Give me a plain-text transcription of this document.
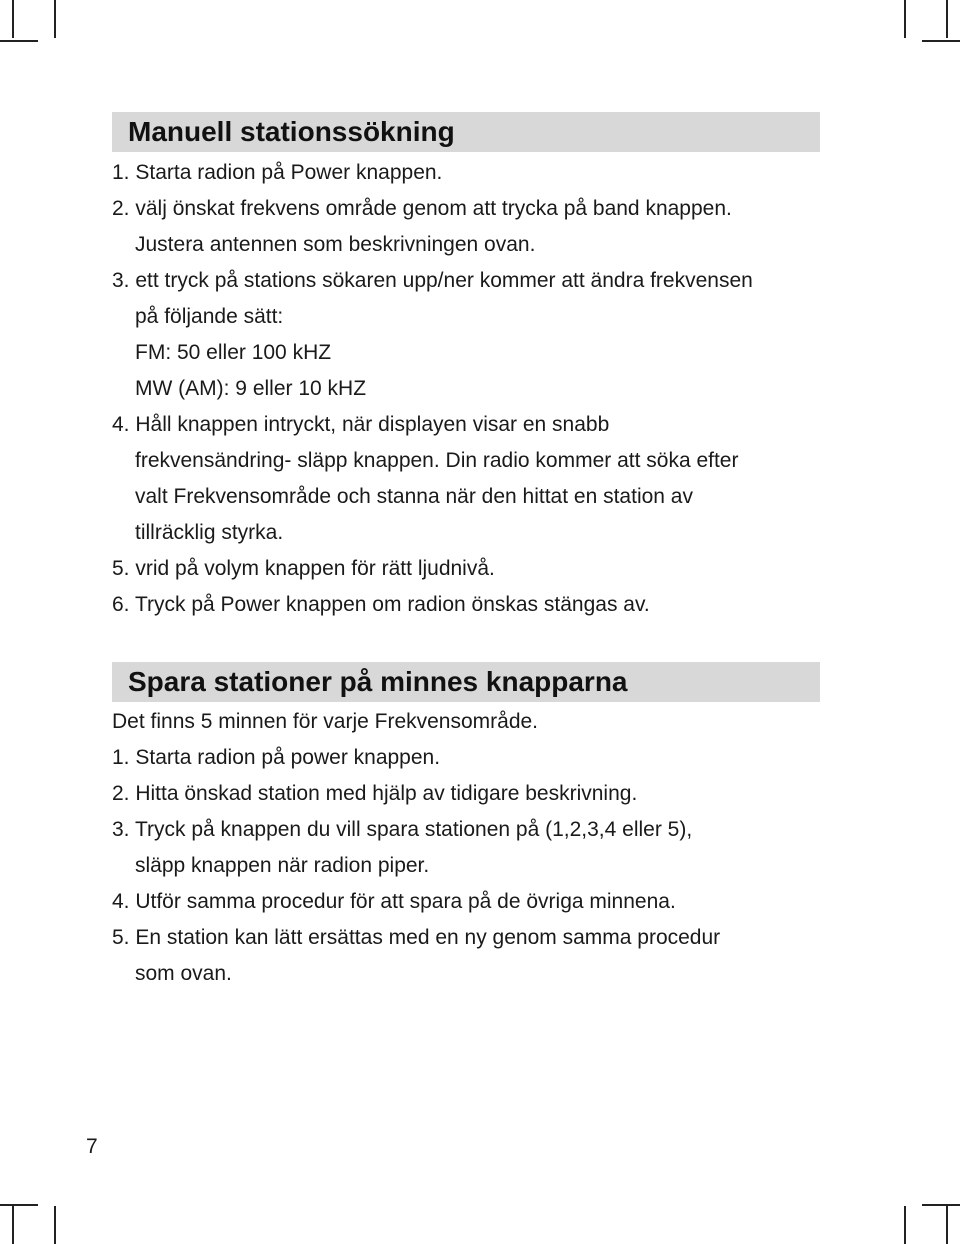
Manuell stationssökning
1. Starta radion på Power knappen.
2. välj önskat frekvens område genom att trycka på band knappen.
Justera antennen som beskrivningen ovan.
3. ett tryck på stations sökaren upp/ner kommer att ändra frekvensen
på följande sätt:
FM: 50 eller 100 kHZ
MW (AM): 9 eller 10 kHZ
4. Håll knappen intryckt, när displayen visar en snabb
frekvensändring- släpp knappen. Din radio kommer att söka efter
valt Frekvensområde och stanna när den hittat en station av
tillräcklig styrka.
5. vrid på volym knappen för rätt ljudnivå.
6. Tryck på Power knappen om radion önskas stängas av.
Spara stationer på minnes knapparna
Det finns 5 minnen för varje Frekvensområde.
1. Starta radion på power knappen.
2. Hitta önskad station med hjälp av tidigare beskrivning.
3. Tryck på knappen du vill spara stationen på (1,2,3,4 eller 5),
släpp knappen när radion piper.
4. Utför samma procedur för att spara på de övriga minnena.
5. En station kan lätt ersättas med en ny genom samma procedur
som ovan.
7
